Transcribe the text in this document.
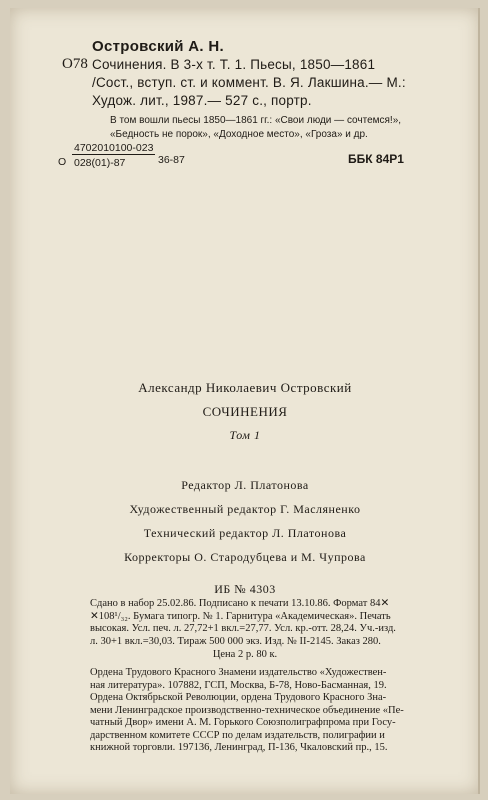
О78
Островский А. Н.
Сочинения. В 3-х т. Т. 1. Пьесы, 1850—1861
/Сост., вступ. ст. и коммент. В. Я. Лакшина.— М.:
Худож. лит., 1987.— 527 с., портр.
В том вошли пьесы 1850—1861 гг.: «Свои люди — сочтемся!»,
«Бедность не порок», «Доходное место», «Гроза» и др.
О $\frac{4702010100-023}{028(01)-87} 36-87$	ББК 84Р1
Александр Николаевич Островский
СОЧИНЕНИЯ
Том 1
Редактор Л. Платонова
Художественный редактор Г. Масляненко
Технический редактор Л. Платонова
Корректоры О. Стародубцева и М. Чупрова
ИБ № 4303
Сдано в набор 25.02.86. Подписано к печати 13.10.86. Формат 84✕
✕108¹/₃₂. Бумага типогр. № 1. Гарнитура «Академическая». Печать
высокая. Усл. печ. л. 27,72+1 вкл.=27,77. Усл. кр.-отт. 28,24. Уч.-изд.
л. 30+1 вкл.=30,03. Тираж 500 000 экз. Изд. № II-2145. Заказ 280.
Цена 2 р. 80 к.
Ордена Трудового Красного Знамени издательство «Художествен-
ная литература». 107882, ГСП, Москва, Б-78, Ново-Басманная, 19.
Ордена Октябрьской Революции, ордена Трудового Красного Зна-
мени Ленинградское производственно-техническое объединение «Пе-
чатный Двор» имени А. М. Горького Союзполиграфпрома при Госу-
дарственном комитете СССР по делам издательств, полиграфии и
книжной торговли. 197136, Ленинград, П-136, Чкаловский пр., 15.
